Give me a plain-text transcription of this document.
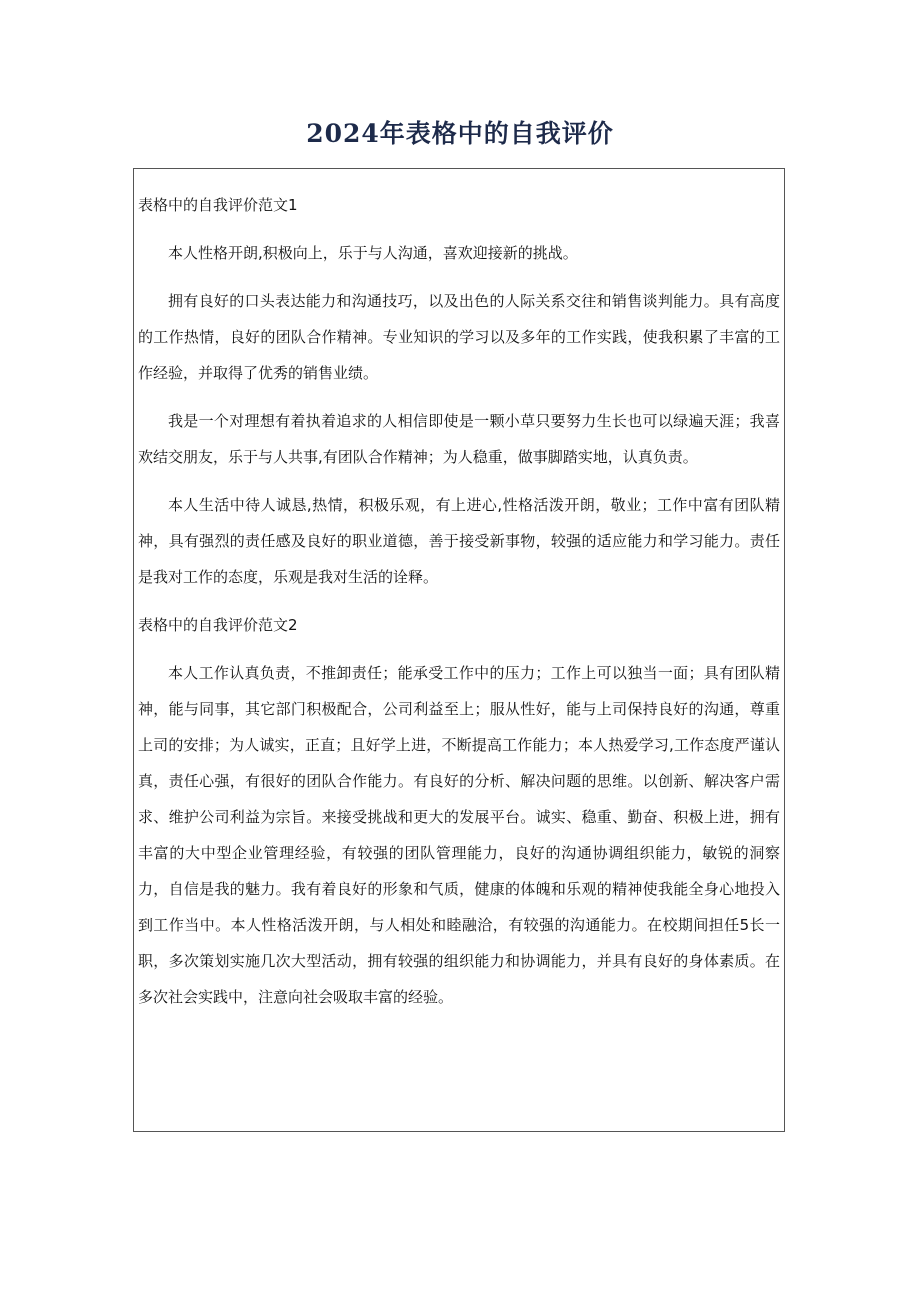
2024年表格中的自我评价

表格中的自我评价范文1

本人性格开朗,积极向上，乐于与人沟通，喜欢迎接新的挑战。

拥有良好的口头表达能力和沟通技巧，以及出色的人际关系交往和销售谈判能力。具有高度的工作热情，良好的团队合作精神。专业知识的学习以及多年的工作实践，使我积累了丰富的工作经验，并取得了优秀的销售业绩。

我是一个对理想有着执着追求的人相信即使是一颗小草只要努力生长也可以绿遍天涯；我喜欢结交朋友，乐于与人共事,有团队合作精神；为人稳重，做事脚踏实地，认真负责。

本人生活中待人诚恳,热情，积极乐观，有上进心,性格活泼开朗，敬业；工作中富有团队精神，具有强烈的责任感及良好的职业道德，善于接受新事物，较强的适应能力和学习能力。责任是我对工作的态度，乐观是我对生活的诠释。

表格中的自我评价范文2

本人工作认真负责，不推卸责任；能承受工作中的压力；工作上可以独当一面；具有团队精神，能与同事，其它部门积极配合，公司利益至上；服从性好，能与上司保持良好的沟通，尊重上司的安排；为人诚实，正直；且好学上进，不断提高工作能力；本人热爱学习,工作态度严谨认真，责任心强，有很好的团队合作能力。有良好的分析、解决问题的思维。以创新、解决客户需求、维护公司利益为宗旨。来接受挑战和更大的发展平台。诚实、稳重、勤奋、积极上进，拥有丰富的大中型企业管理经验，有较强的团队管理能力，良好的沟通协调组织能力，敏锐的洞察力，自信是我的魅力。我有着良好的形象和气质，健康的体魄和乐观的精神使我能全身心地投入到工作当中。本人性格活泼开朗，与人相处和睦融洽，有较强的沟通能力。在校期间担任5长一职，多次策划实施几次大型活动，拥有较强的组织能力和协调能力，并具有良好的身体素质。在多次社会实践中，注意向社会吸取丰富的经验。
